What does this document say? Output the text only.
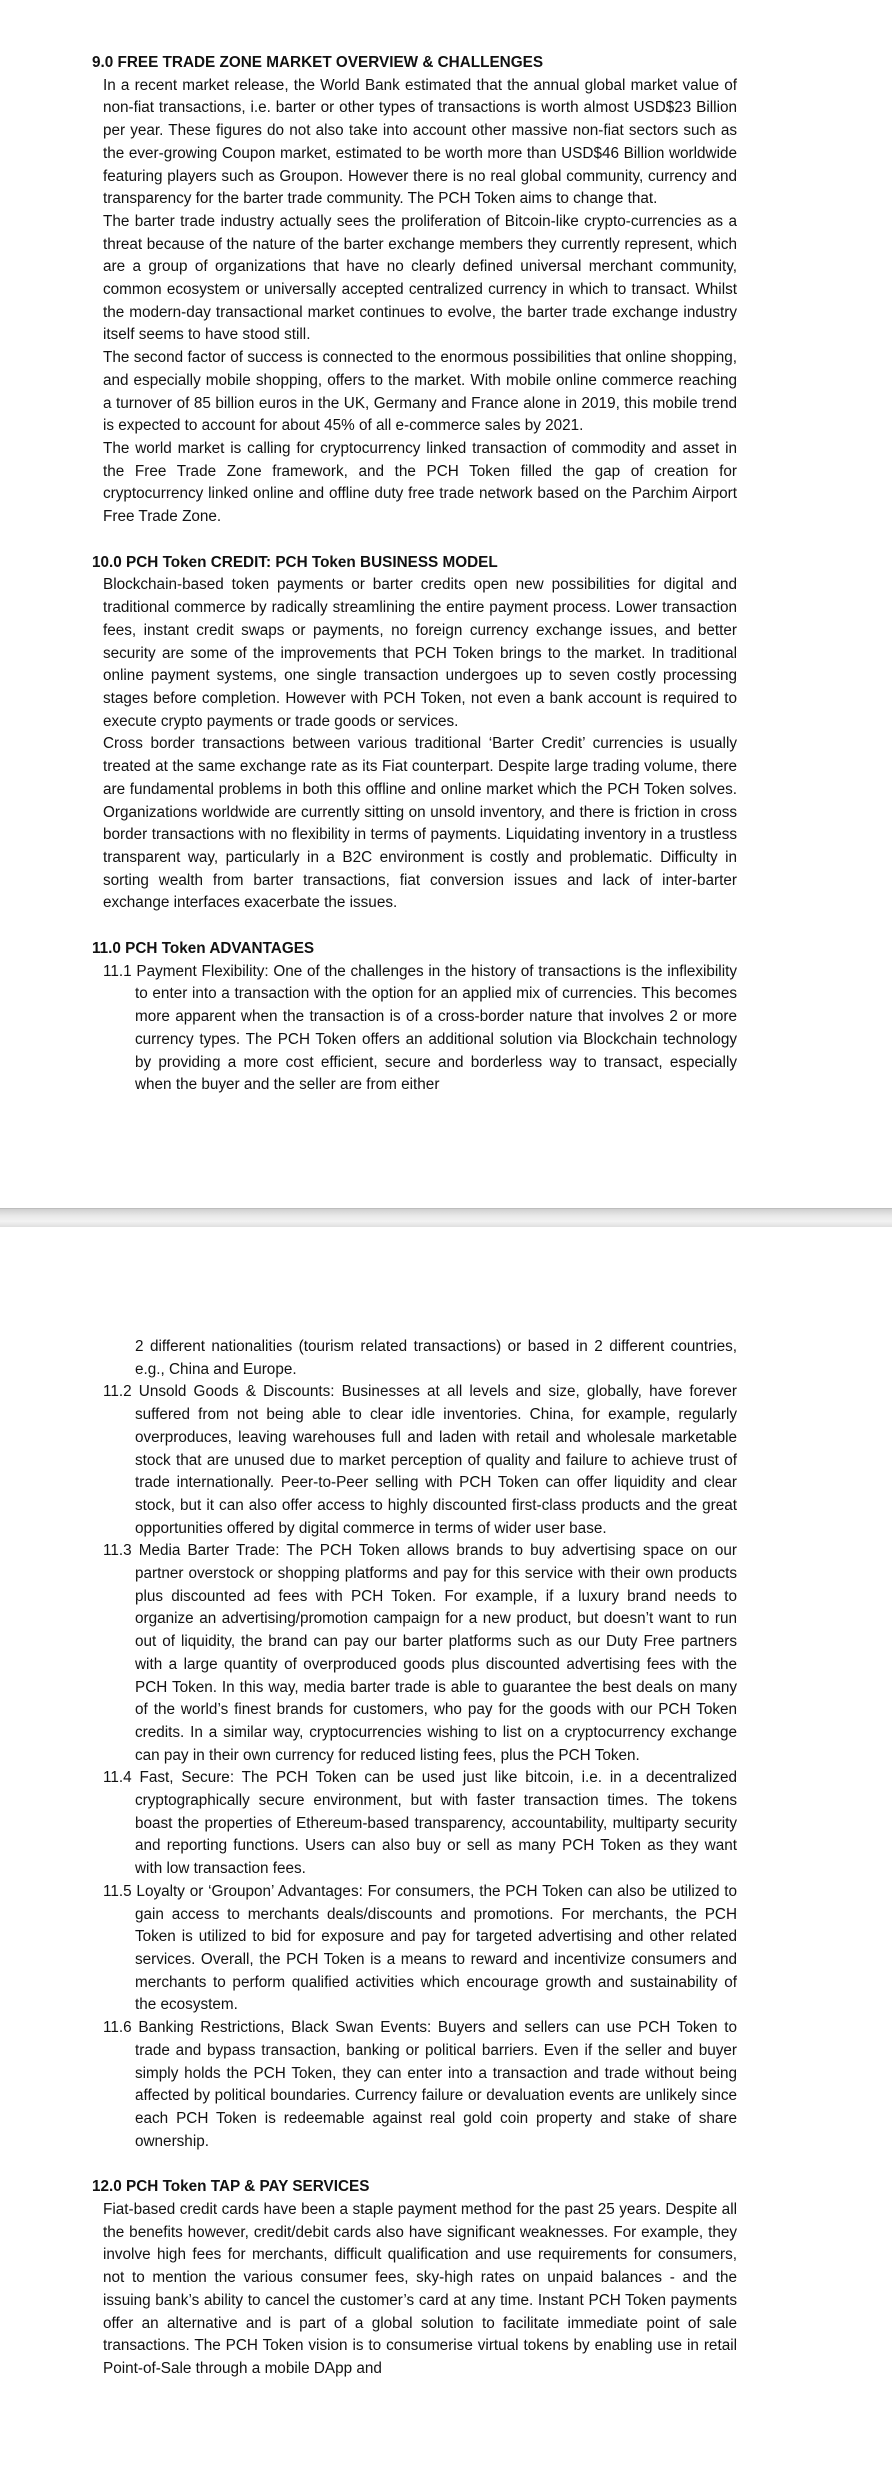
9.0 FREE TRADE ZONE MARKET OVERVIEW & CHALLENGES

In a recent market release, the World Bank estimated that the annual global market value of non-fiat transactions, i.e. barter or other types of transactions is worth almost USD$23 Billion per year. These figures do not also take into account other massive non-fiat sectors such as the ever-growing Coupon market, estimated to be worth more than USD$46 Billion worldwide featuring players such as Groupon. However there is no real global community, currency and transparency for the barter trade community. The PCH Token aims to change that.

The barter trade industry actually sees the proliferation of Bitcoin-like crypto-currencies as a threat because of the nature of the barter exchange members they currently represent, which are a group of organizations that have no clearly defined universal merchant community, common ecosystem or universally accepted centralized currency in which to transact. Whilst the modern-day transactional market continues to evolve, the barter trade exchange industry itself seems to have stood still.

The second factor of success is connected to the enormous possibilities that online shopping, and especially mobile shopping, offers to the market. With mobile online commerce reaching a turnover of 85 billion euros in the UK, Germany and France alone in 2019, this mobile trend is expected to account for about 45% of all e-commerce sales by 2021.

The world market is calling for cryptocurrency linked transaction of commodity and asset in the Free Trade Zone framework, and the PCH Token filled the gap of creation for cryptocurrency linked online and offline duty free trade network based on the Parchim Airport Free Trade Zone.

10.0 PCH Token CREDIT: PCH Token BUSINESS MODEL

Blockchain-based token payments or barter credits open new possibilities for digital and traditional commerce by radically streamlining the entire payment process. Lower transaction fees, instant credit swaps or payments, no foreign currency exchange issues, and better security are some of the improvements that PCH Token brings to the market. In traditional online payment systems, one single transaction undergoes up to seven costly processing stages before completion. However with PCH Token, not even a bank account is required to execute crypto payments or trade goods or services.

Cross border transactions between various traditional ‘Barter Credit’ currencies is usually treated at the same exchange rate as its Fiat counterpart. Despite large trading volume, there are fundamental problems in both this offline and online market which the PCH Token solves. Organizations worldwide are currently sitting on unsold inventory, and there is friction in cross border transactions with no flexibility in terms of payments. Liquidating inventory in a trustless transparent way, particularly in a B2C environment is costly and problematic. Difficulty in sorting wealth from barter transactions, fiat conversion issues and lack of inter-barter exchange interfaces exacerbate the issues.

11.0 PCH Token ADVANTAGES
11.1 Payment Flexibility: One of the challenges in the history of transactions is the inflexibility to enter into a transaction with the option for an applied mix of currencies. This becomes more apparent when the transaction is of a cross-border nature that involves 2 or more currency types. The PCH Token offers an additional solution via Blockchain technology by providing a more cost efficient, secure and borderless way to transact, especially when the buyer and the seller are from either
2 different nationalities (tourism related transactions) or based in 2 different countries, e.g., China and Europe.
11.2 Unsold Goods & Discounts: Businesses at all levels and size, globally, have forever suffered from not being able to clear idle inventories. China, for example, regularly overproduces, leaving warehouses full and laden with retail and wholesale marketable stock that are unused due to market perception of quality and failure to achieve trust of trade internationally. Peer-to-Peer selling with PCH Token can offer liquidity and clear stock, but it can also offer access to highly discounted first-class products and the great opportunities offered by digital commerce in terms of wider user base.
11.3 Media Barter Trade: The PCH Token allows brands to buy advertising space on our partner overstock or shopping platforms and pay for this service with their own products plus discounted ad fees with PCH Token. For example, if a luxury brand needs to organize an advertising/promotion campaign for a new product, but doesn’t want to run out of liquidity, the brand can pay our barter platforms such as our Duty Free partners with a large quantity of overproduced goods plus discounted advertising fees with the PCH Token. In this way, media barter trade is able to guarantee the best deals on many of the world’s finest brands for customers, who pay for the goods with our PCH Token credits. In a similar way, cryptocurrencies wishing to list on a cryptocurrency exchange can pay in their own currency for reduced listing fees, plus the PCH Token.
11.4 Fast, Secure: The PCH Token can be used just like bitcoin, i.e. in a decentralized cryptographically secure environment, but with faster transaction times. The tokens boast the properties of Ethereum-based transparency, accountability, multiparty security and reporting functions. Users can also buy or sell as many PCH Token as they want with low transaction fees.
11.5 Loyalty or ‘Groupon’ Advantages: For consumers, the PCH Token can also be utilized to gain access to merchants deals/discounts and promotions. For merchants, the PCH Token is utilized to bid for exposure and pay for targeted advertising and other related services. Overall, the PCH Token is a means to reward and incentivize consumers and merchants to perform qualified activities which encourage growth and sustainability of the ecosystem.
11.6 Banking Restrictions, Black Swan Events: Buyers and sellers can use PCH Token to trade and bypass transaction, banking or political barriers. Even if the seller and buyer simply holds the PCH Token, they can enter into a transaction and trade without being affected by political boundaries. Currency failure or devaluation events are unlikely since each PCH Token is redeemable against real gold coin property and stake of share ownership.
12.0 PCH Token TAP & PAY SERVICES

Fiat-based credit cards have been a staple payment method for the past 25 years. Despite all the benefits however, credit/debit cards also have significant weaknesses. For example, they involve high fees for merchants, difficult qualification and use requirements for consumers, not to mention the various consumer fees, sky-high rates on unpaid balances - and the issuing bank’s ability to cancel the customer’s card at any time. Instant PCH Token payments offer an alternative and is part of a global solution to facilitate immediate point of sale transactions. The PCH Token vision is to consumerise virtual tokens by enabling use in retail Point-of-Sale through a mobile DApp and
